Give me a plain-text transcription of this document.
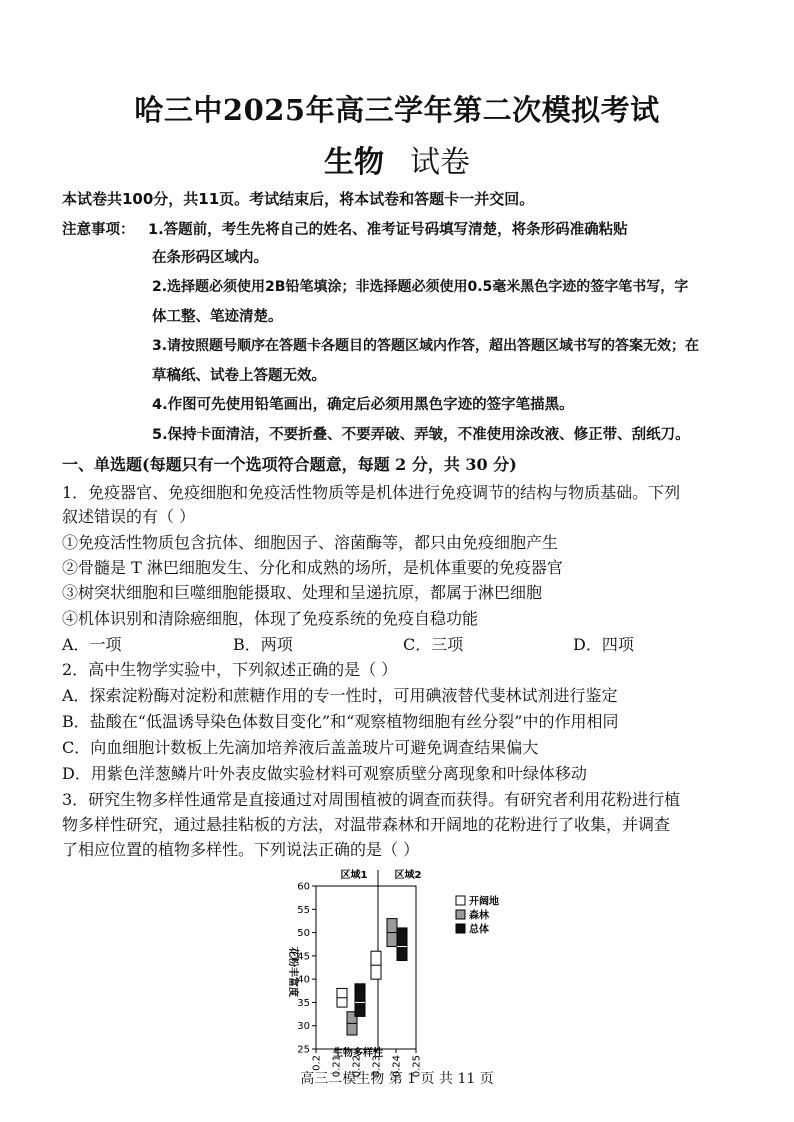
哈三中2025年高三学年第二次模拟考试
生物 试卷
本试卷共100分，共11页。考试结束后，将本试卷和答题卡一并交回。
注意事项： 1.答题前，考生先将自己的姓名、准考证号码填写清楚，将条形码准确粘贴
在条形码区域内。
2.选择题必须使用2B铅笔填涂；非选择题必须使用0.5毫米黑色字迹的签字笔书写，字
体工整、笔迹清楚。
3.请按照题号顺序在答题卡各题目的答题区域内作答，超出答题区域书写的答案无效；在
草稿纸、试卷上答题无效。
4.作图可先使用铅笔画出，确定后必须用黑色字迹的签字笔描黑。
5.保持卡面清洁，不要折叠、不要弄破、弄皱，不准使用涂改液、修正带、刮纸刀。
一、单选题(每题只有一个选项符合题意，每题 2 分，共 30 分)
1．免疫器官、免疫细胞和免疫活性物质等是机体进行免疫调节的结构与物质基础。下列
叙述错误的有（ ）
①免疫活性物质包含抗体、细胞因子、溶菌酶等，都只由免疫细胞产生
②骨髓是 T 淋巴细胞发生、分化和成熟的场所，是机体重要的免疫器官
③树突状细胞和巨噬细胞能摄取、处理和呈递抗原，都属于淋巴细胞
④机体识别和清除癌细胞，体现了免疫系统的免疫自稳功能
A．一项	B．两项	C．三项	D．四项
2．高中生物学实验中，下列叙述正确的是（ ）
A．探索淀粉酶对淀粉和蔗糖作用的专一性时，可用碘液替代斐林试剂进行鉴定
B．盐酸在“低温诱导染色体数目变化”和“观察植物细胞有丝分裂”中的作用相同
C．向血细胞计数板上先滴加培养液后盖盖玻片可避免调查结果偏大
D．用紫色洋葱鳞片叶外表皮做实验材料可观察质壁分离现象和叶绿体移动
3．研究生物多样性通常是直接通过对周围植被的调查而获得。有研究者利用花粉进行植
物多样性研究，通过悬挂粘板的方法，对温带森林和开阔地的花粉进行了收集，并调查
了相应位置的植物多样性。下列说法正确的是（ ）
区域1	区域2
25
30
35
40
45
50
55
60
0.2 0.21 0.22 0.23 0.24 0.25
花粉丰富度
生物多样性
开阔地
森林
总体
高三二模生物 第 1 页 共 11 页
